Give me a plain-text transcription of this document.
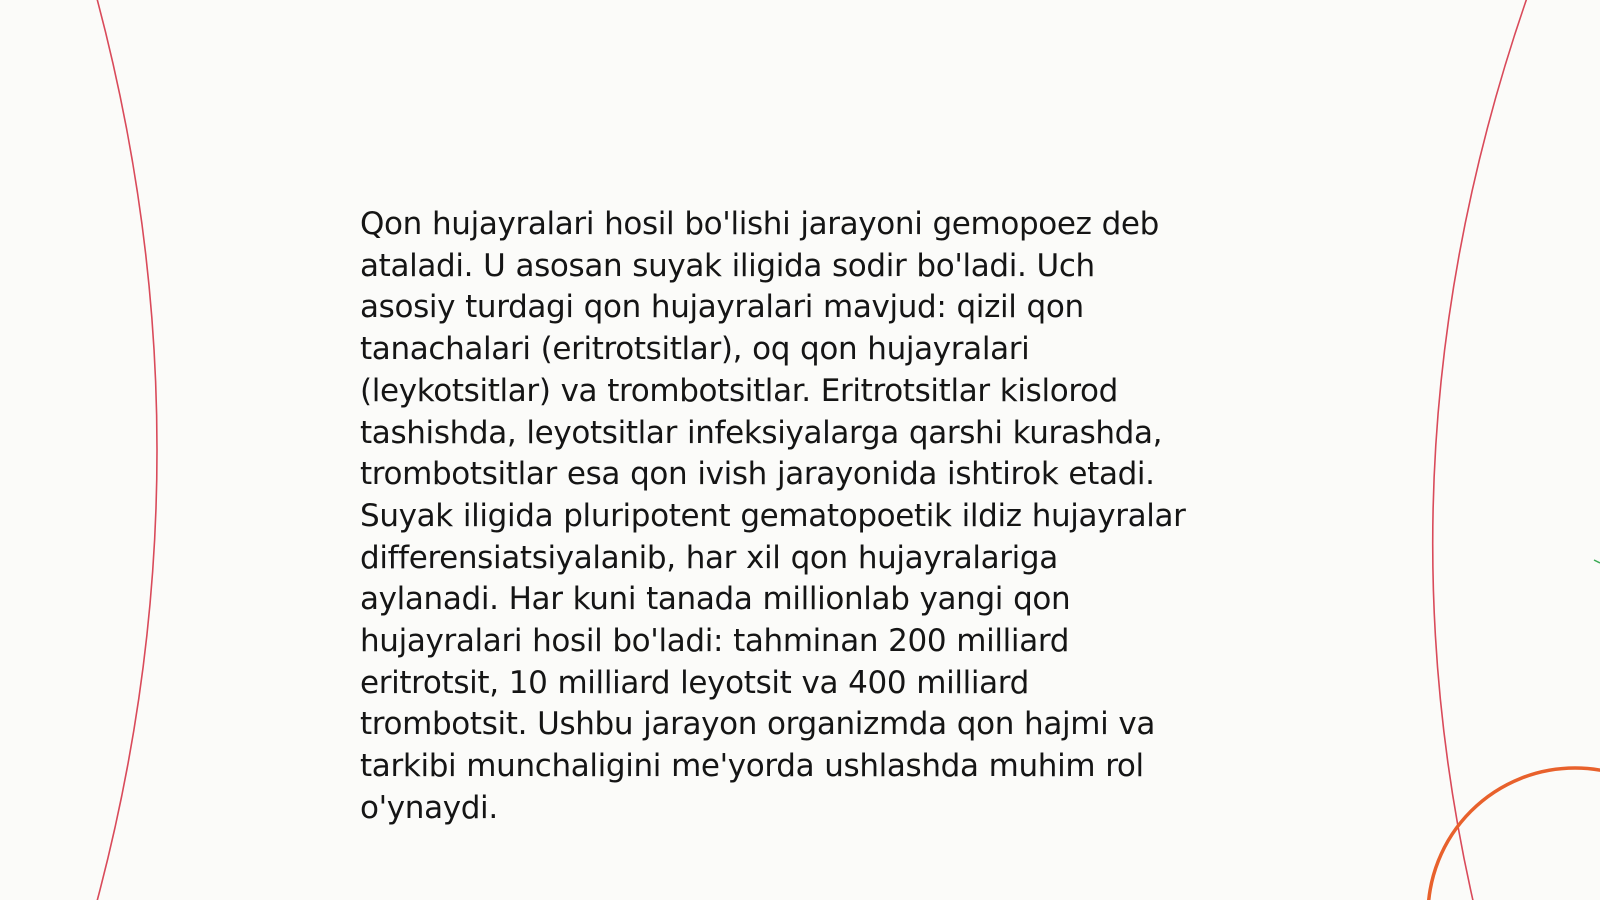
Qon hujayralari hosil bo'lishi jarayoni gemopoez deb
ataladi. U asosan suyak iligida sodir bo'ladi. Uch
asosiy turdagi qon hujayralari mavjud: qizil qon
tanachalari (eritrotsitlar), oq qon hujayralari
(leykotsitlar) va trombotsitlar. Eritrotsitlar kislorod
tashishda, leyotsitlar infeksiyalarga qarshi kurashda,
trombotsitlar esa qon ivish jarayonida ishtirok etadi.
Suyak iligida pluripotent gematopoetik ildiz hujayralar
differensiatsiyalanib, har xil qon hujayralariga
aylanadi. Har kuni tanada millionlab yangi qon
hujayralari hosil bo'ladi: tahminan 200 milliard
eritrotsit, 10 milliard leyotsit va 400 milliard
trombotsit. Ushbu jarayon organizmda qon hajmi va
tarkibi munchaligini me'yorda ushlashda muhim rol
o'ynaydi.
